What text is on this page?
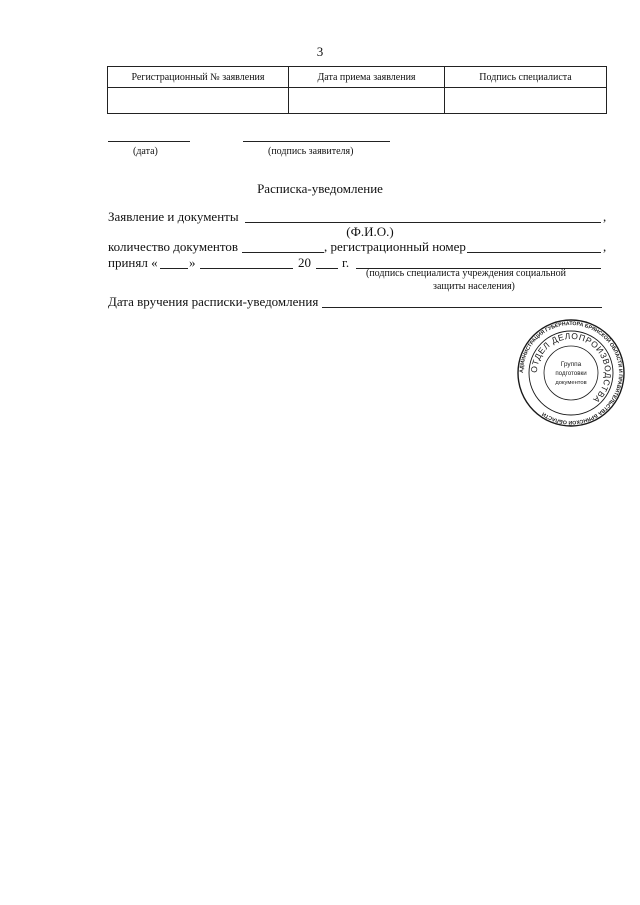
3
Регистрационный № заявления	Дата приема заявления	Подпись специалиста

(дата)	(подпись заявителя)
Расписка-уведомление
Заявление и документы	,
(Ф.И.О.)
количество документов	, регистрационный номер	,
принял « »	20 г.
(подпись специалиста учреждения социальной
защиты населения)
Дата вручения расписки-уведомления
АДМИНИСТРАЦИЯ ГУБЕРНАТОРА БРЯНСКОЙ ОБЛАСТИ И ПРАВИТЕЛЬСТВА БРЯНСКОЙ ОБЛАСТИ
ОТДЕЛ ДЕЛОПРОИЗВОДСТВА
Группа
подготовки
документов
